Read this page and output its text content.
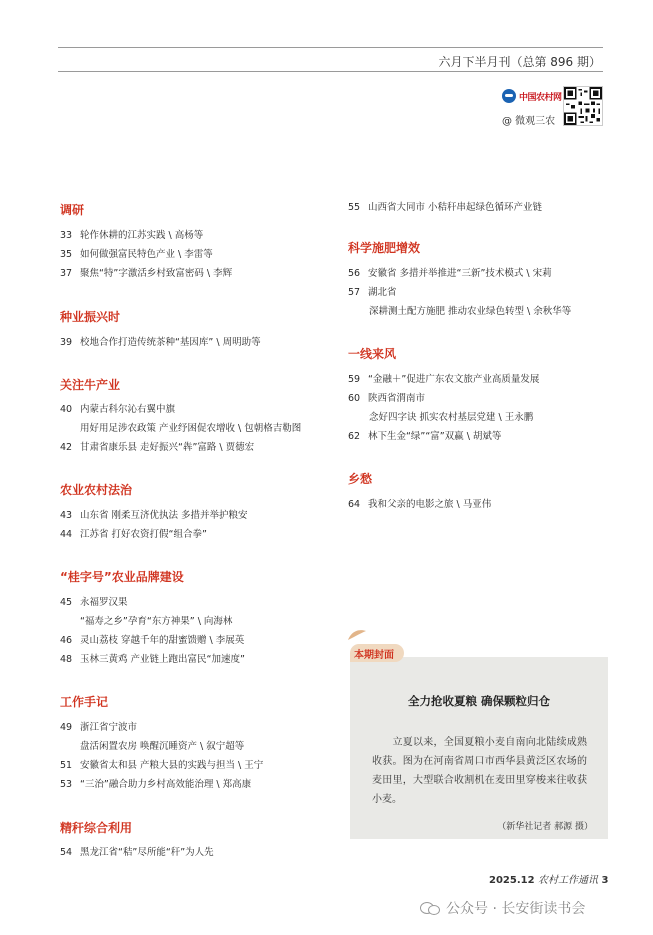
六月下半月刊（总第 896 期）
中国农村网
@ 微观三农
调研
33 轮作休耕的江苏实践 \ 高杨等
35 如何做强富民特色产业 \ 李雷等
37 聚焦“特”字激活乡村致富密码 \ 李辉
种业振兴时
39 校地合作打造传统茶种“基因库” \ 周明助等
关注牛产业
40 内蒙古科尔沁右翼中旗
用好用足涉农政策 产业纾困促农增收 \ 包朝格吉勒图
42 甘肃省康乐县 走好振兴“犇”富路 \ 贾德宏
农业农村法治
43 山东省 刚柔互济优执法 多措并举护粮安
44 江苏省 打好农资打假“组合拳”
“桂字号”农业品牌建设
45 永福罗汉果
“福寿之乡”孕育“东方神果” \ 向海林
46 灵山荔枝 穿越千年的甜蜜馈赠 \ 李展英
48 玉林三黄鸡 产业链上跑出富民“加速度”
工作手记
49 浙江省宁波市
盘活闲置农房 唤醒沉睡资产 \ 叙宁超等
51 安徽省太和县 产粮大县的实践与担当 \ 王宁
53 “三治”融合助力乡村高效能治理 \ 郑高康
精秆综合利用
54 黑龙江省“秸”尽所能“秆”为人先
55 山西省大同市 小秸秆串起绿色循环产业链
科学施肥增效
56 安徽省 多措并举推进“三新”技术模式 \ 宋莉
57 湖北省
深耕测土配方施肥 推动农业绿色转型 \ 余秋华等
一线来风
59 “金融＋”促进广东农文旅产业高质量发展
60 陕西省渭南市
念好四字诀 抓实农村基层党建 \ 王永鹏
62 林下生金“绿”“富”双赢 \ 胡斌等
乡愁
64 我和父亲的电影之旅 \ 马亚伟
本期封面
全力抢收夏粮 确保颗粒归仓
　　立夏以来，全国夏粮小麦自南向北陆续成熟收获。图为在河南省周口市西华县黄泛区农场的麦田里，大型联合收割机在麦田里穿梭来往收获小麦。
（新华社记者 郝源 摄）
2025.12 农村工作通讯 3
公众号 · 长安街读书会
